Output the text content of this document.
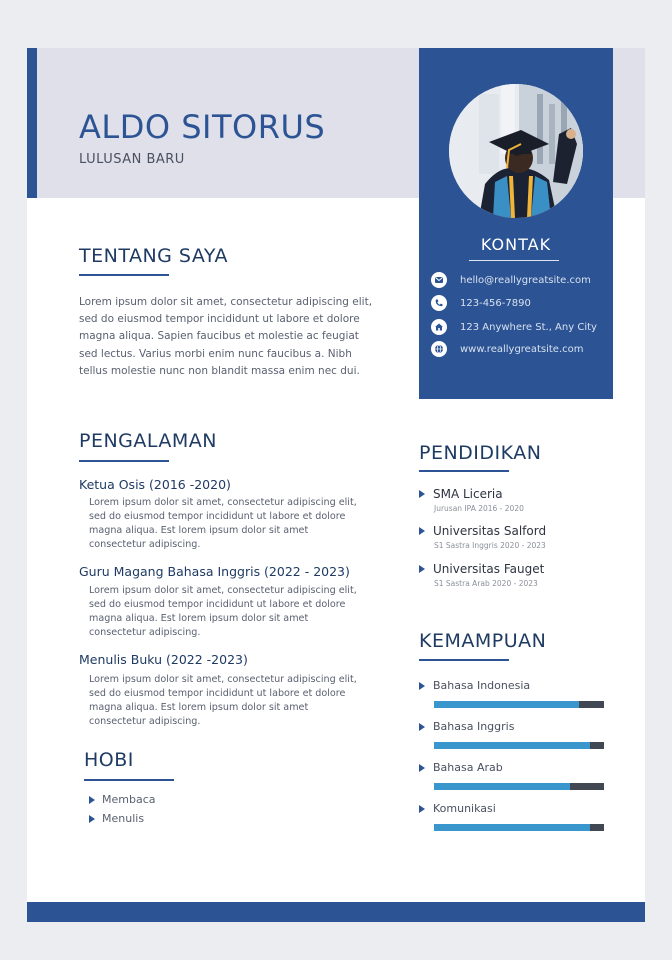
ALDO SITORUS
LULUSAN BARU
KONTAK
hello@reallygreatsite.com
123-456-7890
123 Anywhere St., Any City
www.reallygreatsite.com
TENTANG SAYA
Lorem ipsum dolor sit amet, consectetur adipiscing elit, sed do eiusmod tempor incididunt ut labore et dolore magna aliqua. Sapien faucibus et molestie ac feugiat sed lectus. Varius morbi enim nunc faucibus a. Nibh tellus molestie nunc non blandit massa enim nec dui.
PENGALAMAN
Ketua Osis (2016 -2020)
Lorem ipsum dolor sit amet, consectetur adipiscing elit, sed do eiusmod tempor incididunt ut labore et dolore magna aliqua. Est lorem ipsum dolor sit amet consectetur adipiscing.
Guru Magang Bahasa Inggris (2022 - 2023)
Lorem ipsum dolor sit amet, consectetur adipiscing elit, sed do eiusmod tempor incididunt ut labore et dolore magna aliqua. Est lorem ipsum dolor sit amet consectetur adipiscing.
Menulis Buku (2022 -2023)
Lorem ipsum dolor sit amet, consectetur adipiscing elit, sed do eiusmod tempor incididunt ut labore et dolore magna aliqua. Est lorem ipsum dolor sit amet consectetur adipiscing.
HOBI
Membaca
Menulis
PENDIDIKAN
SMA Liceria
Jurusan IPA 2016 - 2020
Universitas Salford
S1 Sastra Inggris 2020 - 2023
Universitas Fauget
S1 Sastra Arab 2020 - 2023
KEMAMPUAN
Bahasa Indonesia
Bahasa Inggris
Bahasa Arab
Komunikasi
